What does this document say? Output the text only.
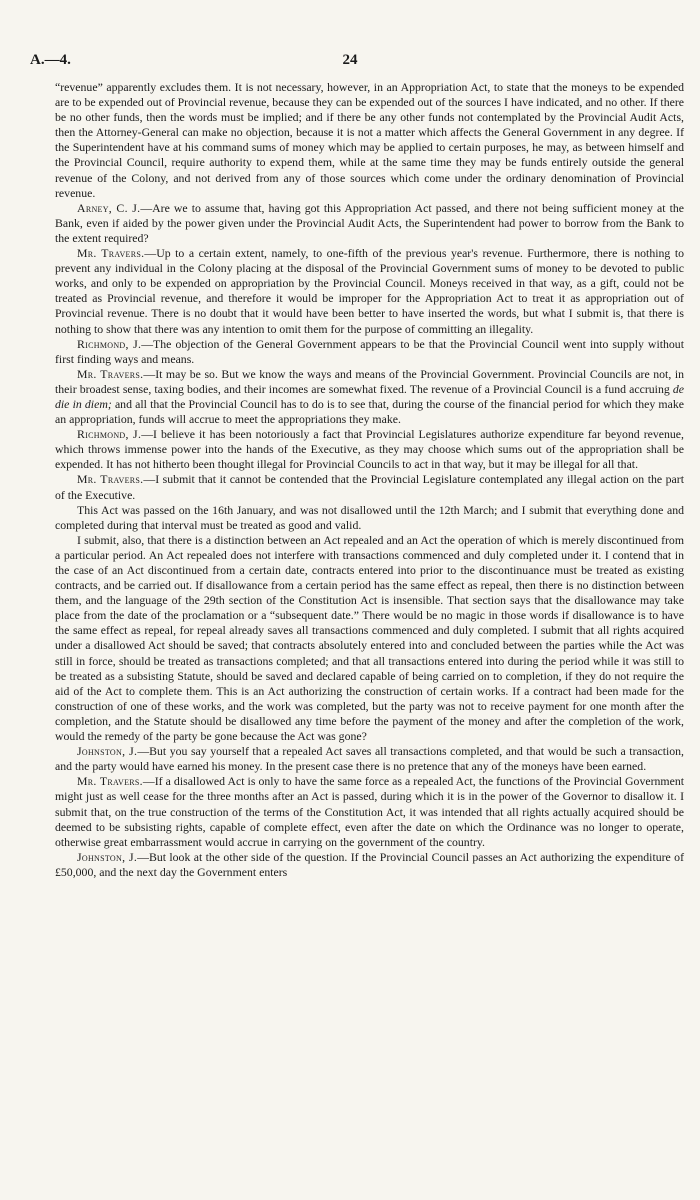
A.—4.	24

“revenue” apparently excludes them. It is not necessary, however, in an Appropriation Act, to state that the moneys to be expended are to be expended out of Provincial revenue, because they can be expended out of the sources I have indicated, and no other. If there be no other funds, then the words must be implied; and if there be any other funds not contemplated by the Provincial Audit Acts, then the Attorney-General can make no objection, because it is not a matter which affects the General Government in any degree. If the Superintendent have at his command sums of money which may be applied to certain purposes, he may, as between himself and the Provincial Council, require authority to expend them, while at the same time they may be funds entirely outside the general revenue of the Colony, and not derived from any of those sources which come under the ordinary denomination of Provincial revenue.

Arney, C. J.—Are we to assume that, having got this Appropriation Act passed, and there not being sufficient money at the Bank, even if aided by the power given under the Provincial Audit Acts, the Superintendent had power to borrow from the Bank to the extent required?

Mr. Travers.—Up to a certain extent, namely, to one-fifth of the previous year's revenue. Furthermore, there is nothing to prevent any individual in the Colony placing at the disposal of the Provincial Government sums of money to be devoted to public works, and only to be expended on appropriation by the Provincial Council. Moneys received in that way, as a gift, could not be treated as Provincial revenue, and therefore it would be improper for the Appropriation Act to treat it as appropriation out of Provincial revenue. There is no doubt that it would have been better to have inserted the words, but what I submit is, that there is nothing to show that there was any intention to omit them for the purpose of committing an illegality.

Richmond, J.—The objection of the General Government appears to be that the Provincial Council went into supply without first finding ways and means.

Mr. Travers.—It may be so. But we know the ways and means of the Provincial Government. Provincial Councils are not, in their broadest sense, taxing bodies, and their incomes are somewhat fixed. The revenue of a Provincial Council is a fund accruing de die in diem; and all that the Provincial Council has to do is to see that, during the course of the financial period for which they make an appropriation, funds will accrue to meet the appropriations they make.

Richmond, J.—I believe it has been notoriously a fact that Provincial Legislatures authorize expenditure far beyond revenue, which throws immense power into the hands of the Executive, as they may choose which sums out of the appropriation shall be expended. It has not hitherto been thought illegal for Provincial Councils to act in that way, but it may be illegal for all that.

Mr. Travers.—I submit that it cannot be contended that the Provincial Legislature contemplated any illegal action on the part of the Executive.

This Act was passed on the 16th January, and was not disallowed until the 12th March; and I submit that everything done and completed during that interval must be treated as good and valid.

I submit, also, that there is a distinction between an Act repealed and an Act the operation of which is merely discontinued from a particular period. An Act repealed does not interfere with transactions commenced and duly completed under it. I contend that in the case of an Act discontinued from a certain date, contracts entered into prior to the discontinuance must be treated as existing contracts, and be carried out. If disallowance from a certain period has the same effect as repeal, then there is no distinction between them, and the language of the 29th section of the Constitution Act is insensible. That section says that the disallowance may take place from the date of the proclamation or a “subsequent date.” There would be no magic in those words if disallowance is to have the same effect as repeal, for repeal already saves all transactions commenced and duly completed. I submit that all rights acquired under a disallowed Act should be saved; that contracts absolutely entered into and concluded between the parties while the Act was still in force, should be treated as transactions completed; and that all transactions entered into during the period while it was still to be treated as a subsisting Statute, should be saved and declared capable of being carried on to completion, if they do not require the aid of the Act to complete them. This is an Act authorizing the construction of certain works. If a contract had been made for the construction of one of these works, and the work was completed, but the party was not to receive payment for one month after the completion, and the Statute should be disallowed any time before the payment of the money and after the completion of the work, would the remedy of the party be gone because the Act was gone?

Johnston, J.—But you say yourself that a repealed Act saves all transactions completed, and that would be such a transaction, and the party would have earned his money. In the present case there is no pretence that any of the moneys have been earned.

Mr. Travers.—If a disallowed Act is only to have the same force as a repealed Act, the functions of the Provincial Government might just as well cease for the three months after an Act is passed, during which it is in the power of the Governor to disallow it. I submit that, on the true construction of the terms of the Constitution Act, it was intended that all rights actually acquired should be deemed to be subsisting rights, capable of complete effect, even after the date on which the Ordinance was no longer to operate, otherwise great embarrassment would accrue in carrying on the government of the country.

Johnston, J.—But look at the other side of the question. If the Provincial Council passes an Act authorizing the expenditure of £50,000, and the next day the Government enters
